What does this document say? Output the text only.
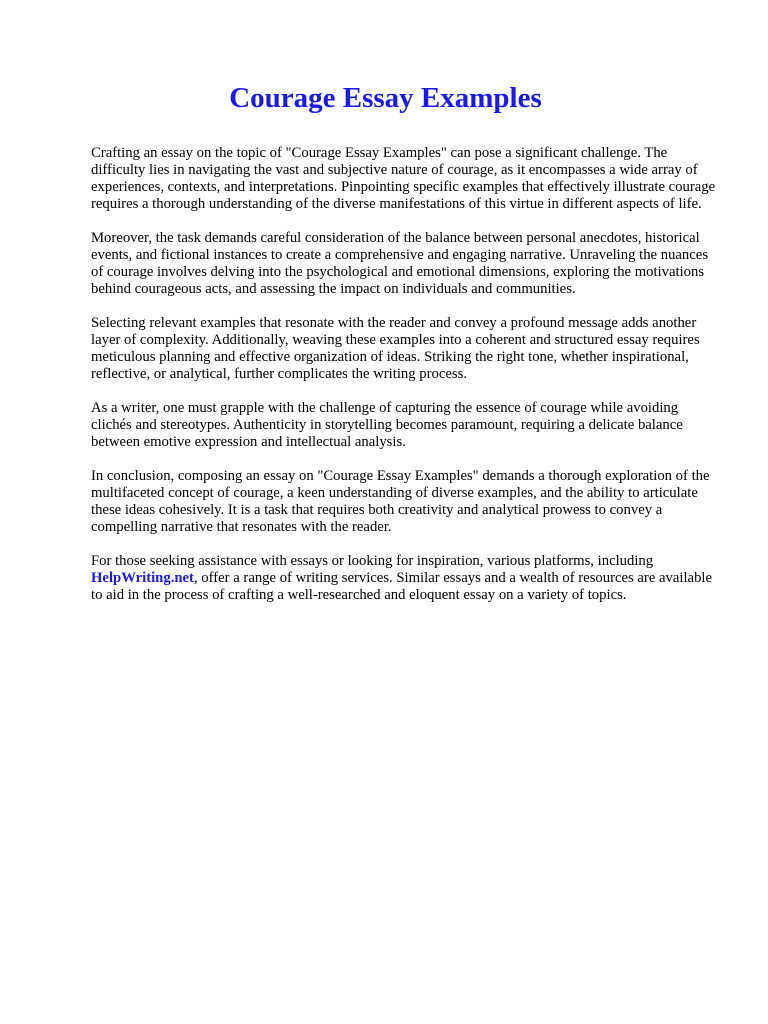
Courage Essay Examples

Crafting an essay on the topic of "Courage Essay Examples" can pose a significant challenge. The difficulty lies in navigating the vast and subjective nature of courage, as it encompasses a wide array of experiences, contexts, and interpretations. Pinpointing specific examples that effectively illustrate courage requires a thorough understanding of the diverse manifestations of this virtue in different aspects of life.

Moreover, the task demands careful consideration of the balance between personal anecdotes, historical events, and fictional instances to create a comprehensive and engaging narrative. Unraveling the nuances of courage involves delving into the psychological and emotional dimensions, exploring the motivations behind courageous acts, and assessing the impact on individuals and communities.

Selecting relevant examples that resonate with the reader and convey a profound message adds another layer of complexity. Additionally, weaving these examples into a coherent and structured essay requires meticulous planning and effective organization of ideas. Striking the right tone, whether inspirational, reflective, or analytical, further complicates the writing process.

As a writer, one must grapple with the challenge of capturing the essence of courage while avoiding clichés and stereotypes. Authenticity in storytelling becomes paramount, requiring a delicate balance between emotive expression and intellectual analysis.

In conclusion, composing an essay on "Courage Essay Examples" demands a thorough exploration of the multifaceted concept of courage, a keen understanding of diverse examples, and the ability to articulate these ideas cohesively. It is a task that requires both creativity and analytical prowess to convey a compelling narrative that resonates with the reader.

For those seeking assistance with essays or looking for inspiration, various platforms, including HelpWriting.net, offer a range of writing services. Similar essays and a wealth of resources are available to aid in the process of crafting a well-researched and eloquent essay on a variety of topics.
